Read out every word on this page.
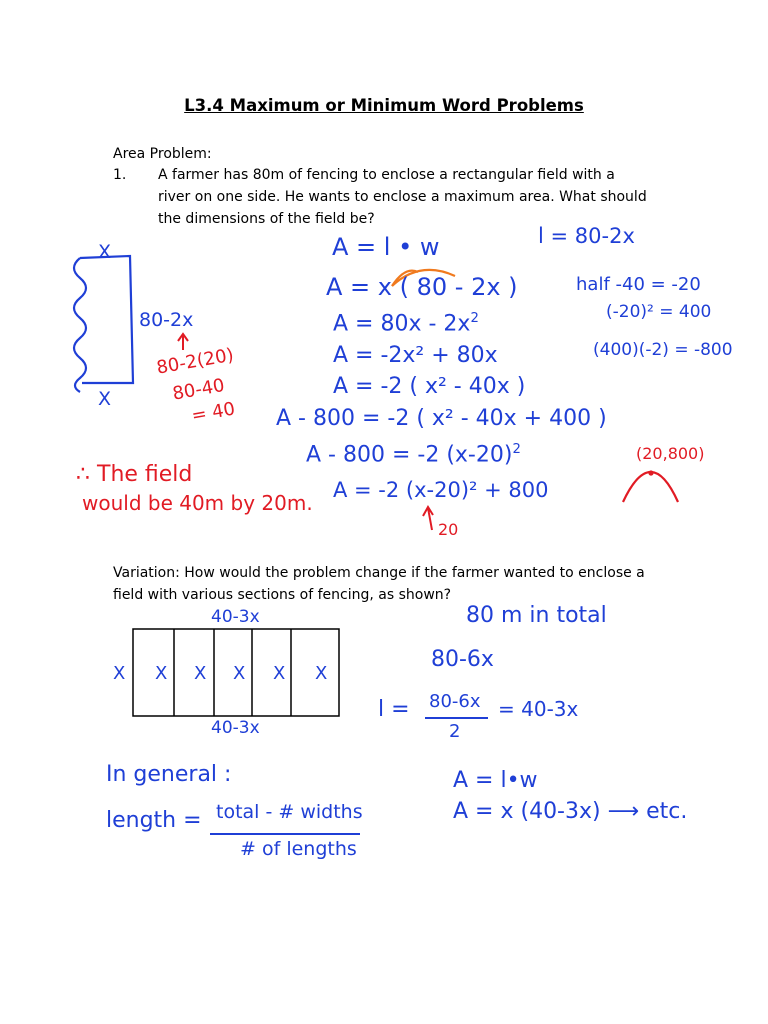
L3.4 Maximum or Minimum Word Problems
Area Problem:
1. A farmer has 80m of fencing to enclose a rectangular field with a
river on one side. He wants to enclose a maximum area. What should
the dimensions of the field be?
X
X
80-2x
80-2(20)
80-40
= 40
A = l • w
A = x ( 80 - 2x )
$A = 80x - 2x^2$
A = -2x² + 80x
A = -2 ( x² - 40x )
A - 800 = -2 ( x² - 40x + 400 )
A - 800 = -2 $(x-20)^2$
A = -2 (x-20)² + 800
20
l = 80-2x
half -40 = -20
(-20)² = 400
(400)(-2) = -800
(20,800)
∴ The field
would be 40m by 20m.
Variation: How would the problem change if the farmer wanted to enclose a
field with various sections of fencing, as shown?
40-3x
40-3x
X X X X X X
80 m in total
80-6x
l = 80-6x
2
= 40-3x
In general :
length = total - # widths
# of lengths
A = l•w
A = x (40-3x) ⟶ etc.
